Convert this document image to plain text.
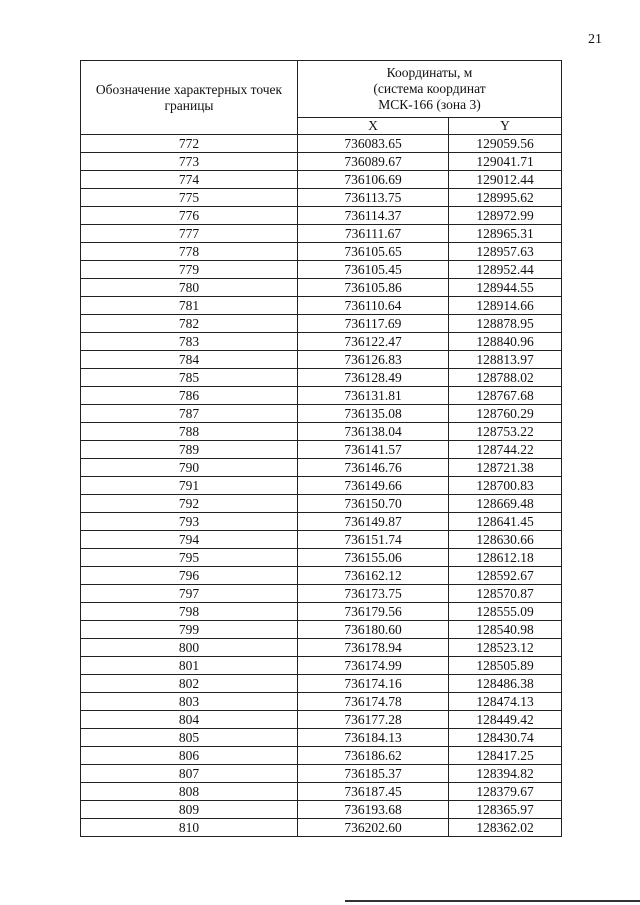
21
Обозначение характерных точек границы	Координаты, м
(система координат
МСК-166 (зона 3)	

	X	Y
772	736083.65	129059.56
773	736089.67	129041.71
774	736106.69	129012.44
775	736113.75	128995.62
776	736114.37	128972.99
777	736111.67	128965.31
778	736105.65	128957.63
779	736105.45	128952.44
780	736105.86	128944.55
781	736110.64	128914.66
782	736117.69	128878.95
783	736122.47	128840.96
784	736126.83	128813.97
785	736128.49	128788.02
786	736131.81	128767.68
787	736135.08	128760.29
788	736138.04	128753.22
789	736141.57	128744.22
790	736146.76	128721.38
791	736149.66	128700.83
792	736150.70	128669.48
793	736149.87	128641.45
794	736151.74	128630.66
795	736155.06	128612.18
796	736162.12	128592.67
797	736173.75	128570.87
798	736179.56	128555.09
799	736180.60	128540.98
800	736178.94	128523.12
801	736174.99	128505.89
802	736174.16	128486.38
803	736174.78	128474.13
804	736177.28	128449.42
805	736184.13	128430.74
806	736186.62	128417.25
807	736185.37	128394.82
808	736187.45	128379.67
809	736193.68	128365.97
810	736202.60	128362.02
